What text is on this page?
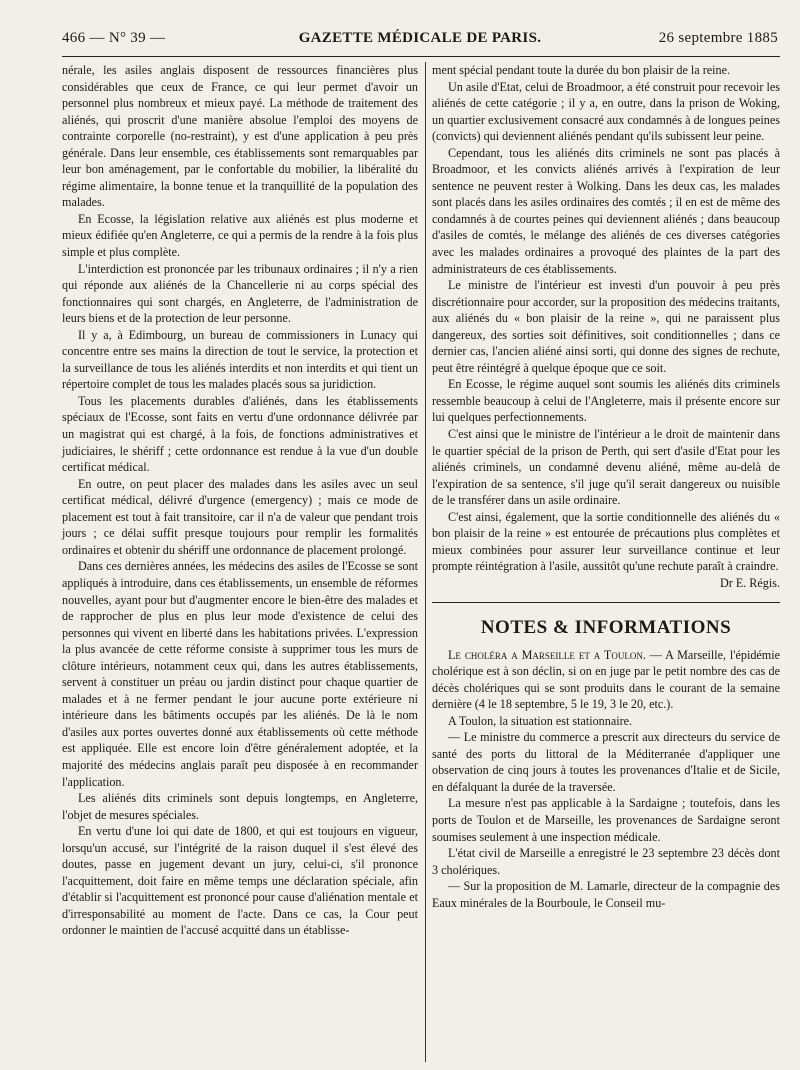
466 — N° 39 —	GAZETTE MÉDICALE DE PARIS.	26 septembre 1885

nérale, les asiles anglais disposent de ressources financières plus considérables que ceux de France, ce qui leur permet d'avoir un personnel plus nombreux et mieux payé. La méthode de traitement des aliénés, qui proscrit d'une manière absolue l'emploi des moyens de contrainte corporelle (no-restraint), y est d'une application à peu près générale. Dans leur ensemble, ces établissements sont remarquables par leur bon aménagement, par le confortable du mobilier, la libéralité du régime alimentaire, la bonne tenue et la tranquillité de la population des malades.

En Ecosse, la législation relative aux aliénés est plus moderne et mieux édifiée qu'en Angleterre, ce qui a permis de la rendre à la fois plus simple et plus complète.

L'interdiction est prononcée par les tribunaux ordinaires ; il n'y a rien qui réponde aux aliénés de la Chancellerie ni au corps spécial des fonctionnaires qui sont chargés, en Angleterre, de l'administration de leurs biens et de la protection de leur personne.

Il y a, à Edimbourg, un bureau de commissioners in Lunacy qui concentre entre ses mains la direction de tout le service, la protection et la surveillance de tous les aliénés interdits et non interdits et qui tient un répertoire complet de tous les malades placés sous sa juridiction.

Tous les placements durables d'aliénés, dans les établissements spéciaux de l'Ecosse, sont faits en vertu d'une ordonnance délivrée par un magistrat qui est chargé, à la fois, de fonctions administratives et judiciaires, le shériff ; cette ordonnance est rendue à la vue d'un double certificat médical.

En outre, on peut placer des malades dans les asiles avec un seul certificat médical, délivré d'urgence (emergency) ; mais ce mode de placement est tout à fait transitoire, car il n'a de valeur que pendant trois jours ; ce délai suffit presque toujours pour remplir les formalités ordinaires et obtenir du shériff une ordonnance de placement prolongé.

Dans ces dernières années, les médecins des asiles de l'Ecosse se sont appliqués à introduire, dans ces établissements, un ensemble de réformes nouvelles, ayant pour but d'augmenter encore le bien-être des malades et de rapprocher de plus en plus leur mode d'existence de celui des personnes qui vivent en liberté dans les habitations privées. L'expression la plus avancée de cette réforme consiste à supprimer tous les murs de clôture intérieurs, notamment ceux qui, dans les autres établissements, servent à constituer un préau ou jardin distinct pour chaque quartier de malades et à ne fermer pendant le jour aucune porte extérieure ni intérieure dans les bâtiments occupés par les aliénés. De là le nom d'asiles aux portes ouvertes donné aux établissements où cette méthode est appliquée. Elle est encore loin d'être généralement adoptée, et la majorité des médecins anglais paraît peu disposée à en recommander l'application.

Les aliénés dits criminels sont depuis longtemps, en Angleterre, l'objet de mesures spéciales.

En vertu d'une loi qui date de 1800, et qui est toujours en vigueur, lorsqu'un accusé, sur l'intégrité de la raison duquel il s'est élevé des doutes, passe en jugement devant un jury, celui-ci, s'il prononce l'acquittement, doit faire en même temps une déclaration spéciale, afin d'établir si l'acquittement est prononcé pour cause d'aliénation mentale et d'irresponsabilité au moment de l'acte. Dans ce cas, la Cour peut ordonner le maintien de l'accusé acquitté dans un établisse-

ment spécial pendant toute la durée du bon plaisir de la reine.

Un asile d'Etat, celui de Broadmoor, a été construit pour recevoir les aliénés de cette catégorie ; il y a, en outre, dans la prison de Woking, un quartier exclusivement consacré aux condamnés à de longues peines (convicts) qui deviennent aliénés pendant qu'ils subissent leur peine.

Cependant, tous les aliénés dits criminels ne sont pas placés à Broadmoor, et les convicts aliénés arrivés à l'expiration de leur sentence ne peuvent rester à Wolking. Dans les deux cas, les malades sont placés dans les asiles ordinaires des comtés ; il en est de même des condamnés à de courtes peines qui deviennent aliénés ; dans beaucoup d'asiles de comtés, le mélange des aliénés de ces diverses catégories avec les malades ordinaires a provoqué des plaintes de la part des administrateurs de ces établissements.

Le ministre de l'intérieur est investi d'un pouvoir à peu près discrétionnaire pour accorder, sur la proposition des médecins traitants, aux aliénés du « bon plaisir de la reine », qui ne paraissent plus dangereux, des sorties soit définitives, soit conditionnelles ; dans ce dernier cas, l'ancien aliéné ainsi sorti, qui donne des signes de rechute, peut être réintégré à quelque époque que ce soit.

En Ecosse, le régime auquel sont soumis les aliénés dits criminels ressemble beaucoup à celui de l'Angleterre, mais il présente encore sur lui quelques perfectionnements.

C'est ainsi que le ministre de l'intérieur a le droit de maintenir dans le quartier spécial de la prison de Perth, qui sert d'asile d'Etat pour les aliénés criminels, un condamné devenu aliéné, même au-delà de l'expiration de sa sentence, s'il juge qu'il serait dangereux ou nuisible de le transférer dans un asile ordinaire.

C'est ainsi, également, que la sortie conditionnelle des aliénés du « bon plaisir de la reine » est entourée de précautions plus complètes et mieux combinées pour assurer leur surveillance continue et leur prompte réintégration à l'asile, aussitôt qu'une rechute paraît à craindre.

Dr E. Régis.

NOTES & INFORMATIONS

Le choléra a Marseille et a Toulon. — A Marseille, l'épidémie cholérique est à son déclin, si on en juge par le petit nombre des cas de décès cholériques qui se sont produits dans le courant de la semaine dernière (4 le 18 septembre, 5 le 19, 3 le 20, etc.).

A Toulon, la situation est stationnaire.

— Le ministre du commerce a prescrit aux directeurs du service de santé des ports du littoral de la Méditerranée d'appliquer une observation de cinq jours à toutes les provenances d'Italie et de Sicile, en défalquant la durée de la traversée.

La mesure n'est pas applicable à la Sardaigne ; toutefois, dans les ports de Toulon et de Marseille, les provenances de Sardaigne seront soumises seulement à une inspection médicale.

L'état civil de Marseille a enregistré le 23 septembre 23 décès dont 3 cholériques.

— Sur la proposition de M. Lamarle, directeur de la compagnie des Eaux minérales de la Bourboule, le Conseil mu-
